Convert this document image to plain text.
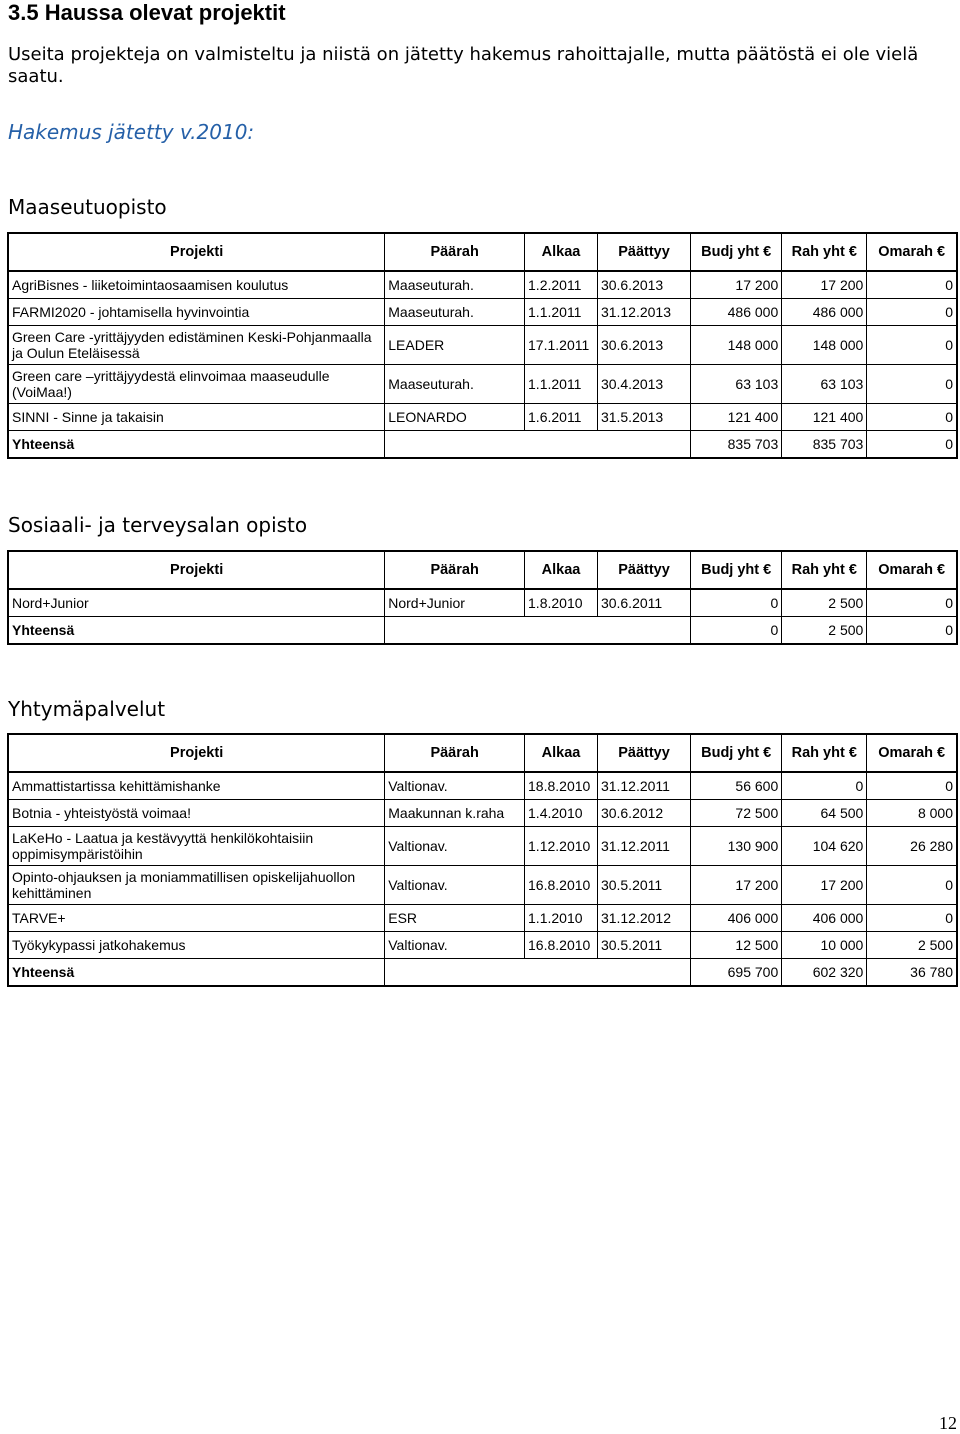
3.5 Haussa olevat projektit

Useita projekteja on valmisteltu ja niistä on jätetty hakemus rahoittajalle, mutta päätöstä ei ole vielä saatu.

Hakemus jätetty v.2010:

Maaseutuopisto

Projekti	Päärah	Alkaa	Päättyy	Budj yht €	Rah yht €	Omarah €
AgriBisnes - liiketoimintaosaamisen koulutus	Maaseuturah.	1.2.2011	30.6.2013	17 200	17 200	0
FARMI2020 - johtamisella hyvinvointia	Maaseuturah.	1.1.2011	31.12.2013	486 000	486 000	0
Green Care -yrittäjyyden edistäminen Keski-Pohjanmaalla ja Oulun Eteläisessä	LEADER	17.1.2011	30.6.2013	148 000	148 000	0
Green care –yrittäjyydestä elinvoimaa maaseudulle (VoiMaa!)	Maaseuturah.	1.1.2011	30.4.2013	63 103	63 103	0
SINNI - Sinne ja takaisin	LEONARDO	1.6.2011	31.5.2013	121 400	121 400	0
Yhteensä				835 703	835 703	0

Sosiaali- ja terveysalan opisto

Projekti	Päärah	Alkaa	Päättyy	Budj yht €	Rah yht €	Omarah €
Nord+Junior	Nord+Junior	1.8.2010	30.6.2011	0	2 500	0
Yhteensä				0	2 500	0

Yhtymäpalvelut

Projekti	Päärah	Alkaa	Päättyy	Budj yht €	Rah yht €	Omarah €
Ammattistartissa kehittämishanke	Valtionav.	18.8.2010	31.12.2011	56 600	0	0
Botnia - yhteistyöstä voimaa!	Maakunnan k.raha	1.4.2010	30.6.2012	72 500	64 500	8 000
LaKeHo - Laatua ja kestävyyttä henkilökohtaisiin oppimisympäristöihin	Valtionav.	1.12.2010	31.12.2011	130 900	104 620	26 280
Opinto-ohjauksen ja moniammatillisen opiskelijahuollon kehittäminen	Valtionav.	16.8.2010	30.5.2011	17 200	17 200	0
TARVE+	ESR	1.1.2010	31.12.2012	406 000	406 000	0
Työkykypassi jatkohakemus	Valtionav.	16.8.2010	30.5.2011	12 500	10 000	2 500
Yhteensä				695 700	602 320	36 780

12
